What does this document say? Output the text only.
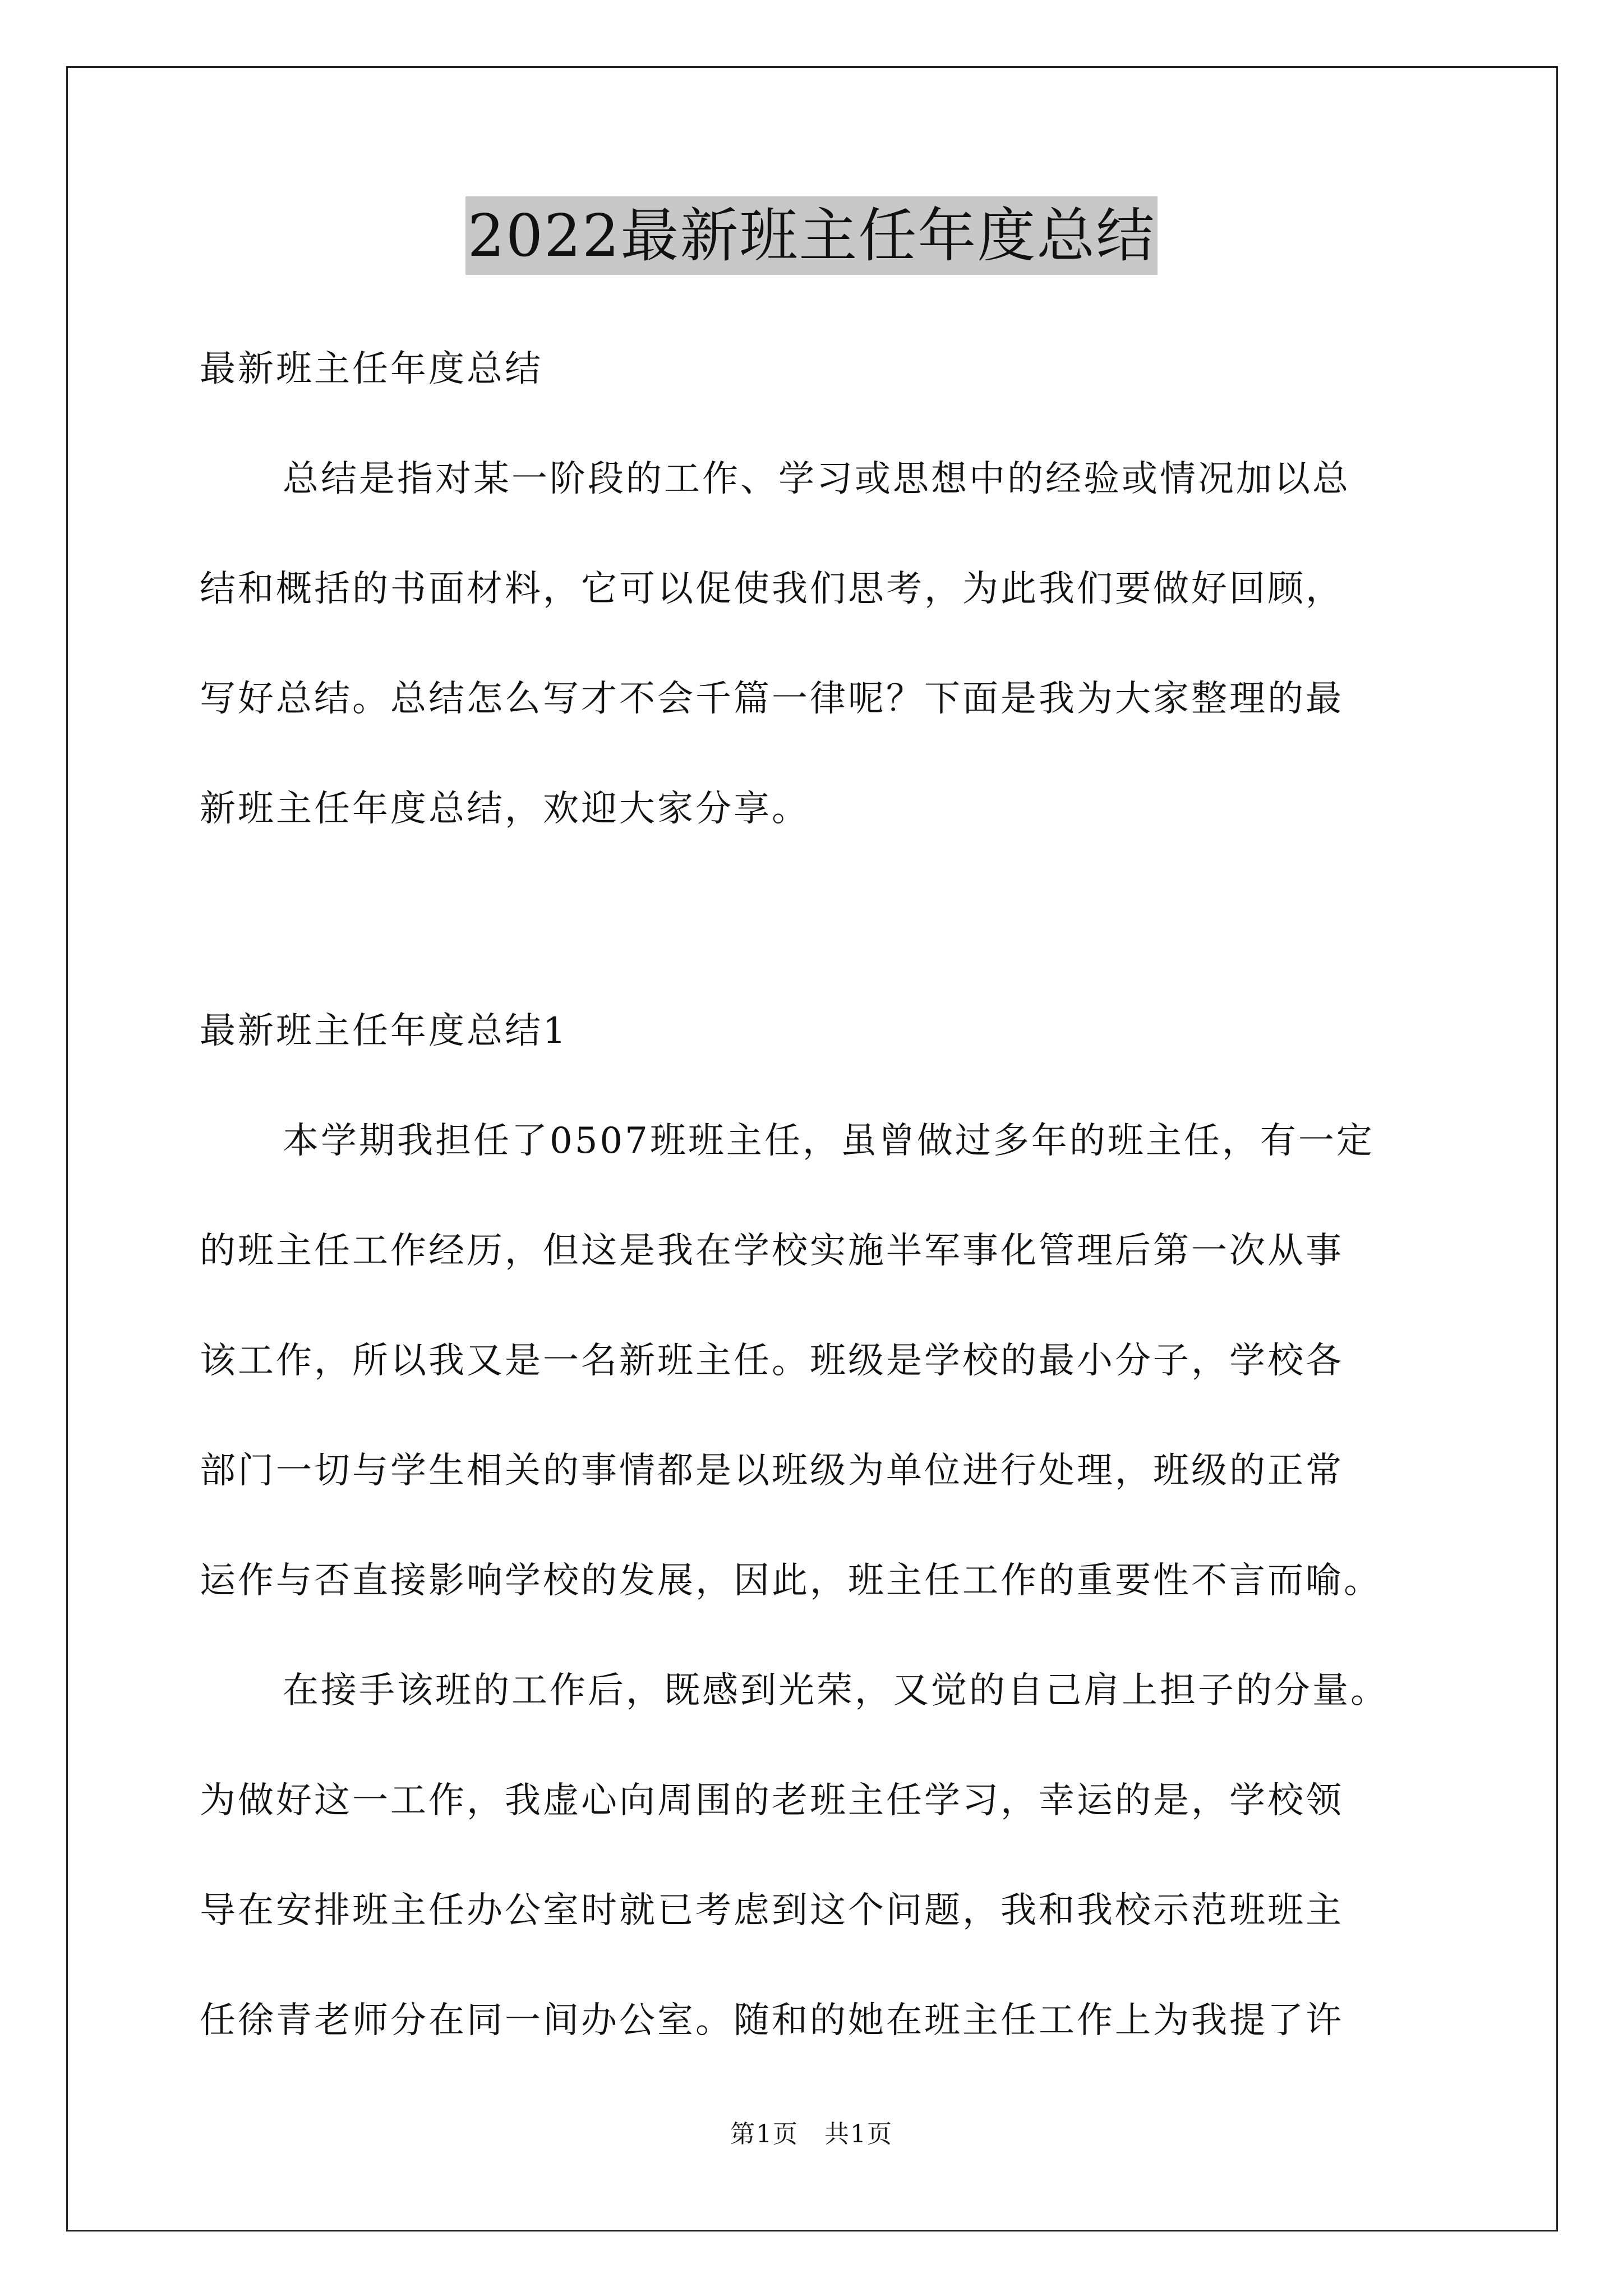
2022最新班主任年度总结
最新班主任年度总结
总结是指对某一阶段的工作、学习或思想中的经验或情况加以总
结和概括的书面材料，它可以促使我们思考，为此我们要做好回顾，
写好总结。总结怎么写才不会千篇一律呢？下面是我为大家整理的最
新班主任年度总结，欢迎大家分享。
最新班主任年度总结1
本学期我担任了0507班班主任，虽曾做过多年的班主任，有一定
的班主任工作经历，但这是我在学校实施半军事化管理后第一次从事
该工作，所以我又是一名新班主任。班级是学校的最小分子，学校各
部门一切与学生相关的事情都是以班级为单位进行处理，班级的正常
运作与否直接影响学校的发展，因此，班主任工作的重要性不言而喻。
在接手该班的工作后，既感到光荣，又觉的自己肩上担子的分量。
为做好这一工作，我虚心向周围的老班主任学习，幸运的是，学校领
导在安排班主任办公室时就已考虑到这个问题，我和我校示范班班主
任徐青老师分在同一间办公室。随和的她在班主任工作上为我提了许
第1页　共1页
